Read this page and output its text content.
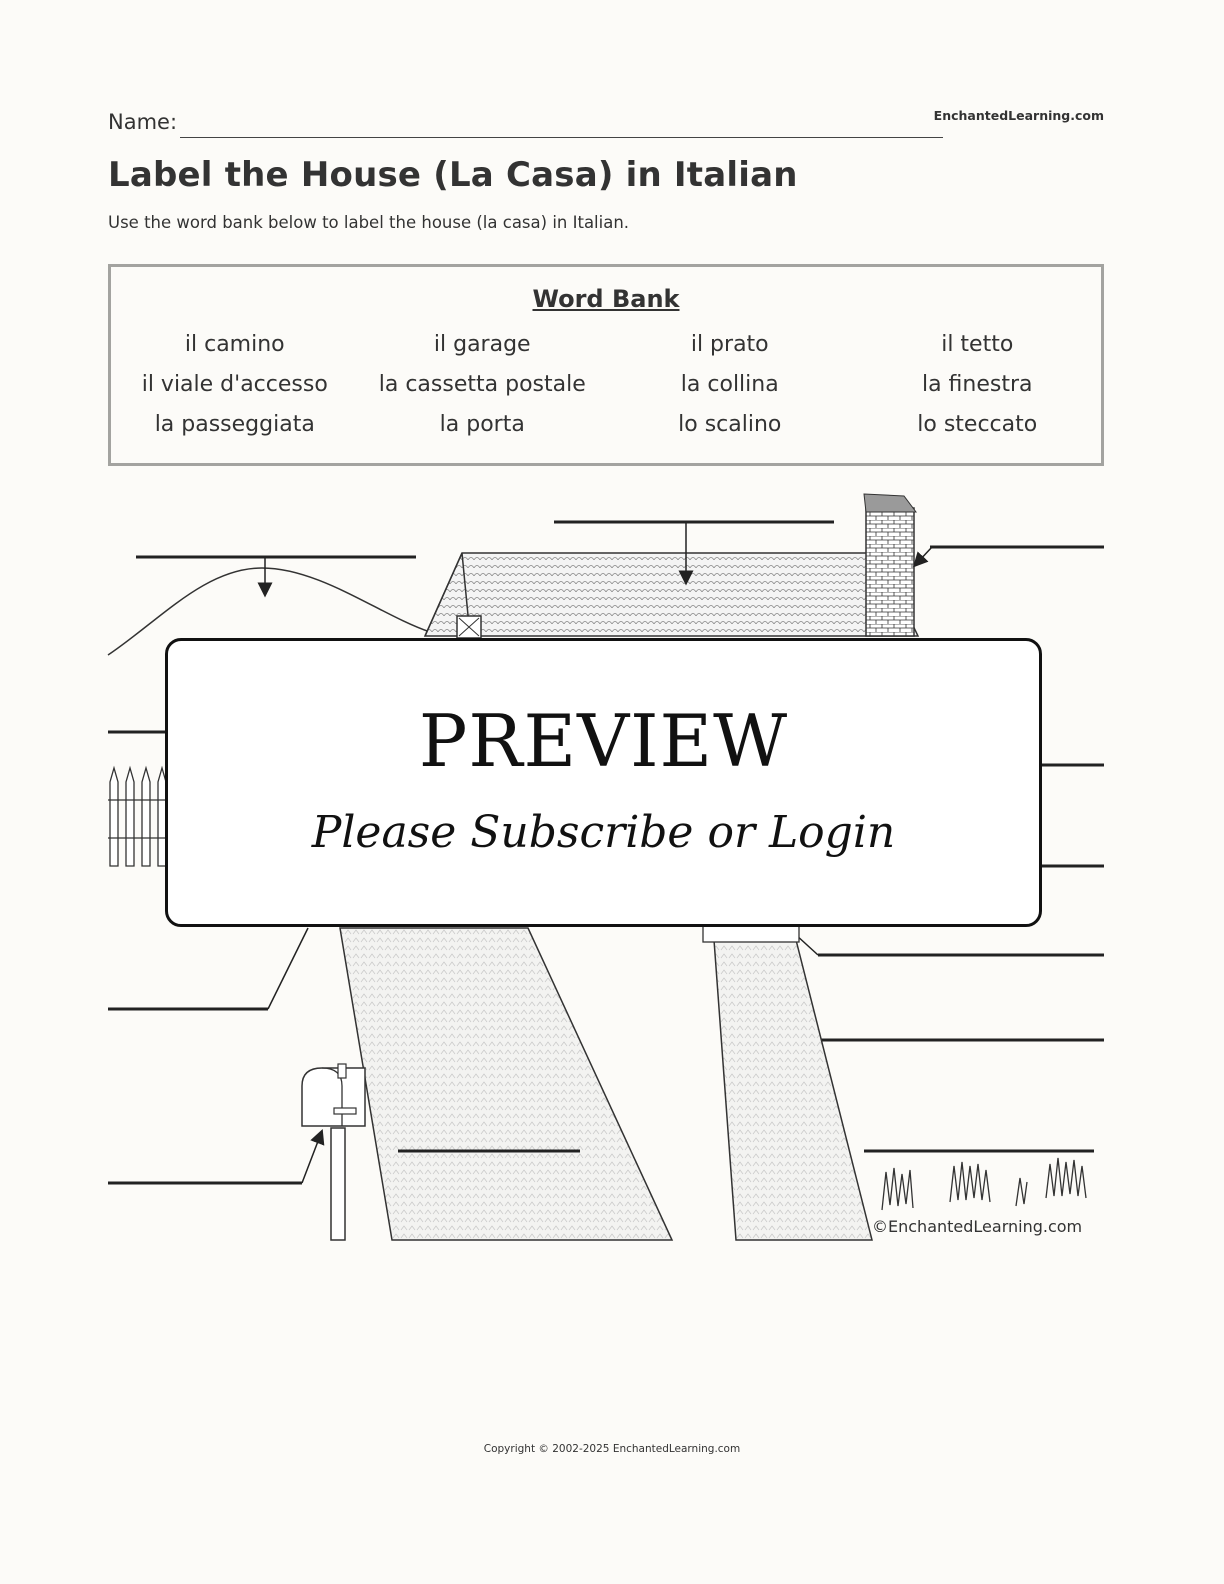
Name:	EnchantedLearning.com
Label the House (La Casa) in Italian
Use the word bank below to label the house (la casa) in Italian.
Word Bank
il camino	il garage	il prato	il tetto
il viale d'accesso	la cassetta postale	la collina	la finestra
la passeggiata	la porta	lo scalino	lo steccato
PREVIEW
Please Subscribe or Login
©EnchantedLearning.com
Copyright © 2002-2025 EnchantedLearning.com
